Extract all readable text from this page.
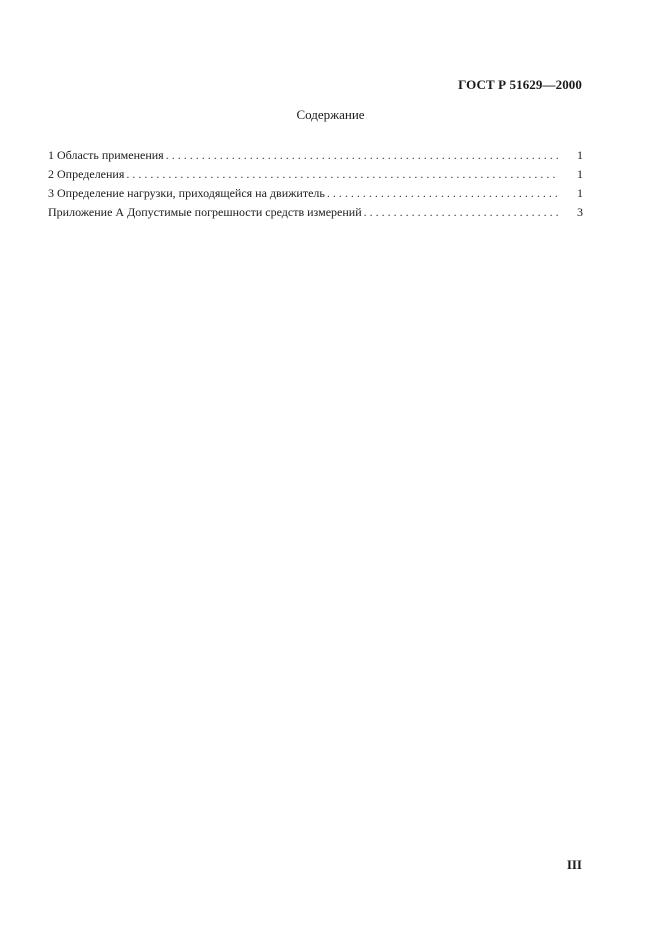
ГОСТ Р 51629—2000
Содержание
1 Область применения . . .	1
2 Определения . . .	1
3 Определение нагрузки, приходящейся на движитель . . .	1
Приложение А Допустимые погрешности средств измерений . . .	3
III
